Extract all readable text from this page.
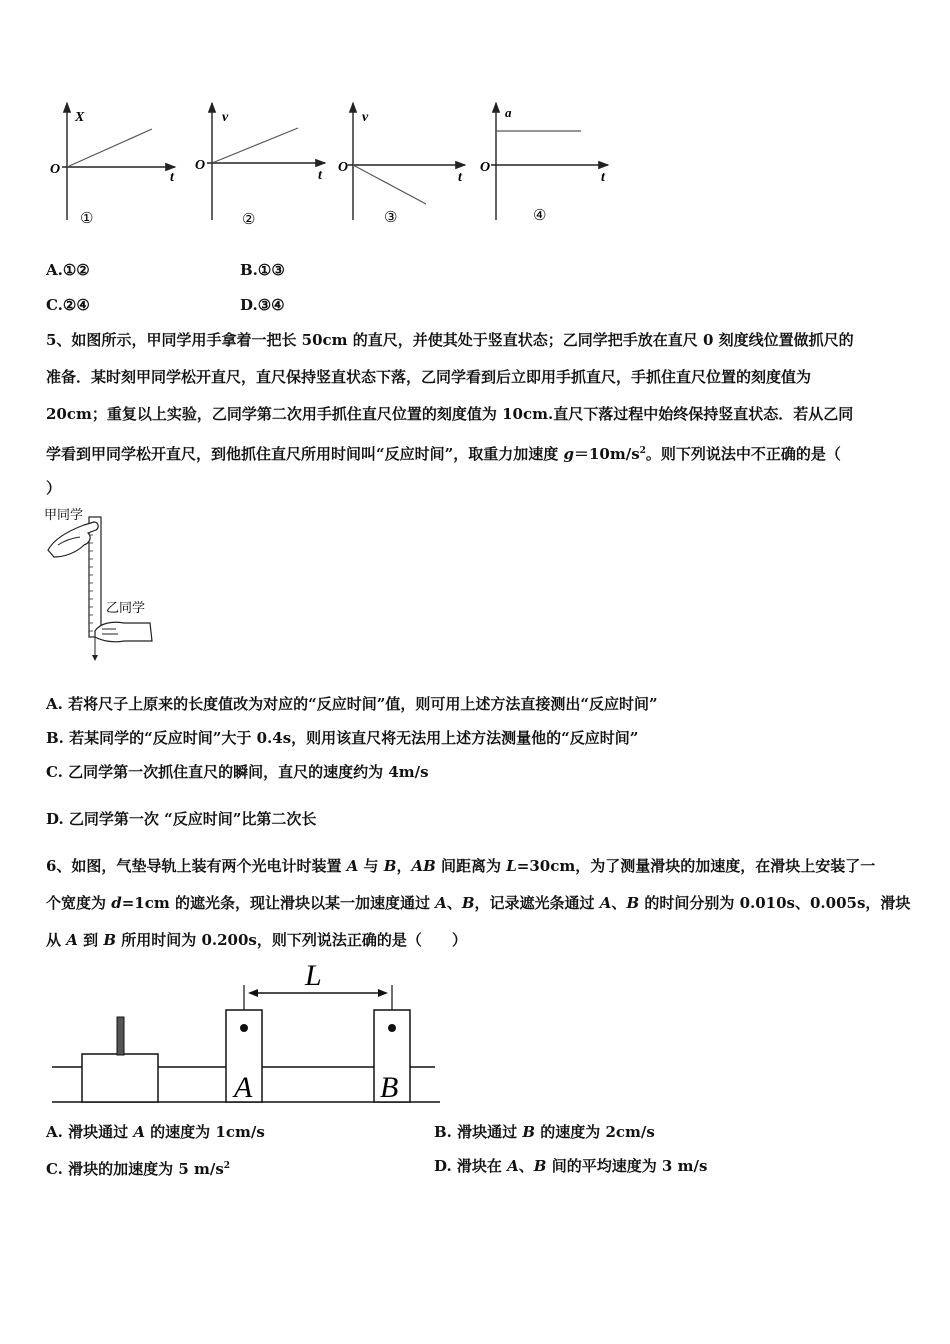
X
O
t
①
v
O
t
②
v
O
t
③
a
O
t
④
A.①②	B.①③
C.②④	D.③④
5、如图所示，甲同学用手拿着一把长 50cm 的直尺，并使其处于竖直状态；乙同学把手放在直尺 0 刻度线位置做抓尺的
准备．某时刻甲同学松开直尺，直尺保持竖直状态下落，乙同学看到后立即用手抓直尺，手抓住直尺位置的刻度值为
20cm；重复以上实验，乙同学第二次用手抓住直尺位置的刻度值为 10cm.直尺下落过程中始终保持竖直状态．若从乙同
学看到甲同学松开直尺，到他抓住直尺所用时间叫“反应时间”，取重力加速度 $g=10m/s^2$。则下列说法中不正确的是（
）
甲同学
乙同学
A. 若将尺子上原来的长度值改为对应的“反应时间”值，则可用上述方法直接测出“反应时间”
B. 若某同学的“反应时间”大于 0.4s，则用该直尺将无法用上述方法测量他的“反应时间”
C. 乙同学第一次抓住直尺的瞬间，直尺的速度约为 4m/s
D. 乙同学第一次 “反应时间”比第二次长
6、如图，气垫导轨上装有两个光电计时装置 A 与 B，AB 间距离为 L=30cm，为了测量滑块的加速度，在滑块上安装了一
个宽度为 d=1cm 的遮光条，现让滑块以某一加速度通过 A、B，记录遮光条通过 A、B 的时间分别为 0.010s、0.005s，滑块
从 A 到 B 所用时间为 0.200s，则下列说法正确的是（　　）
A	B
L
A. 滑块通过 A 的速度为 1cm/s	B. 滑块通过 B 的速度为 2cm/s
C. 滑块的加速度为 5 $m/s^2$	D. 滑块在 A、B 间的平均速度为 3 m/s
